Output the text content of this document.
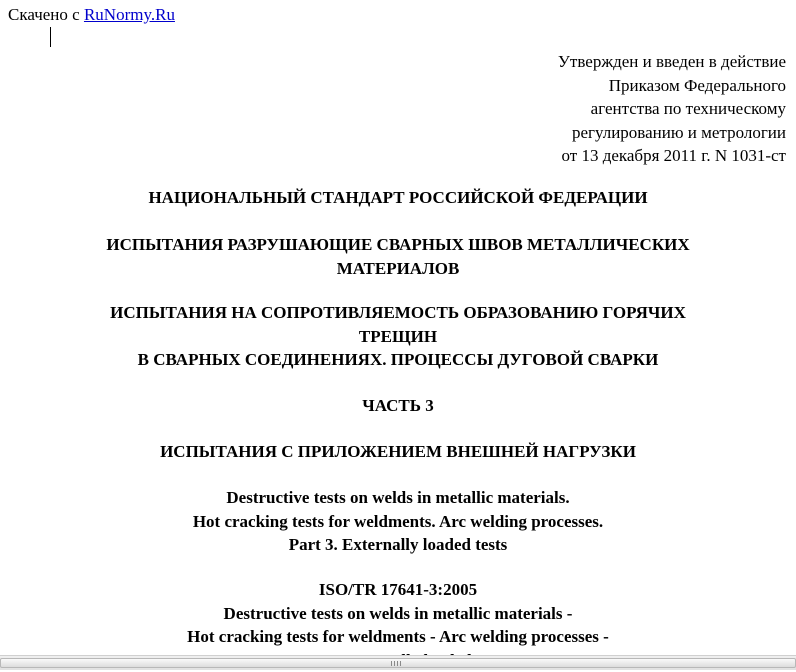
Скачено с RuNormy.Ru
Утвержден и введен в действие
Приказом Федерального
агентства по техническому
регулированию и метрологии
от 13 декабря 2011 г. N 1031-ст
НАЦИОНАЛЬНЫЙ СТАНДАРТ РОССИЙСКОЙ ФЕДЕРАЦИИ
ИСПЫТАНИЯ РАЗРУШАЮЩИЕ СВАРНЫХ ШВОВ МЕТАЛЛИЧЕСКИХ
МАТЕРИАЛОВ
ИСПЫТАНИЯ НА СОПРОТИВЛЯЕМОСТЬ ОБРАЗОВАНИЮ ГОРЯЧИХ
ТРЕЩИН
В СВАРНЫХ СОЕДИНЕНИЯХ. ПРОЦЕССЫ ДУГОВОЙ СВАРКИ
ЧАСТЬ 3
ИСПЫТАНИЯ С ПРИЛОЖЕНИЕМ ВНЕШНЕЙ НАГРУЗКИ
Destructive tests on welds in metallic materials.
Hot cracking tests for weldments. Arc welding processes.
Part 3. Externally loaded tests
ISO/TR 17641-3:2005
Destructive tests on welds in metallic materials -
Hot cracking tests for weldments - Arc welding processes -
